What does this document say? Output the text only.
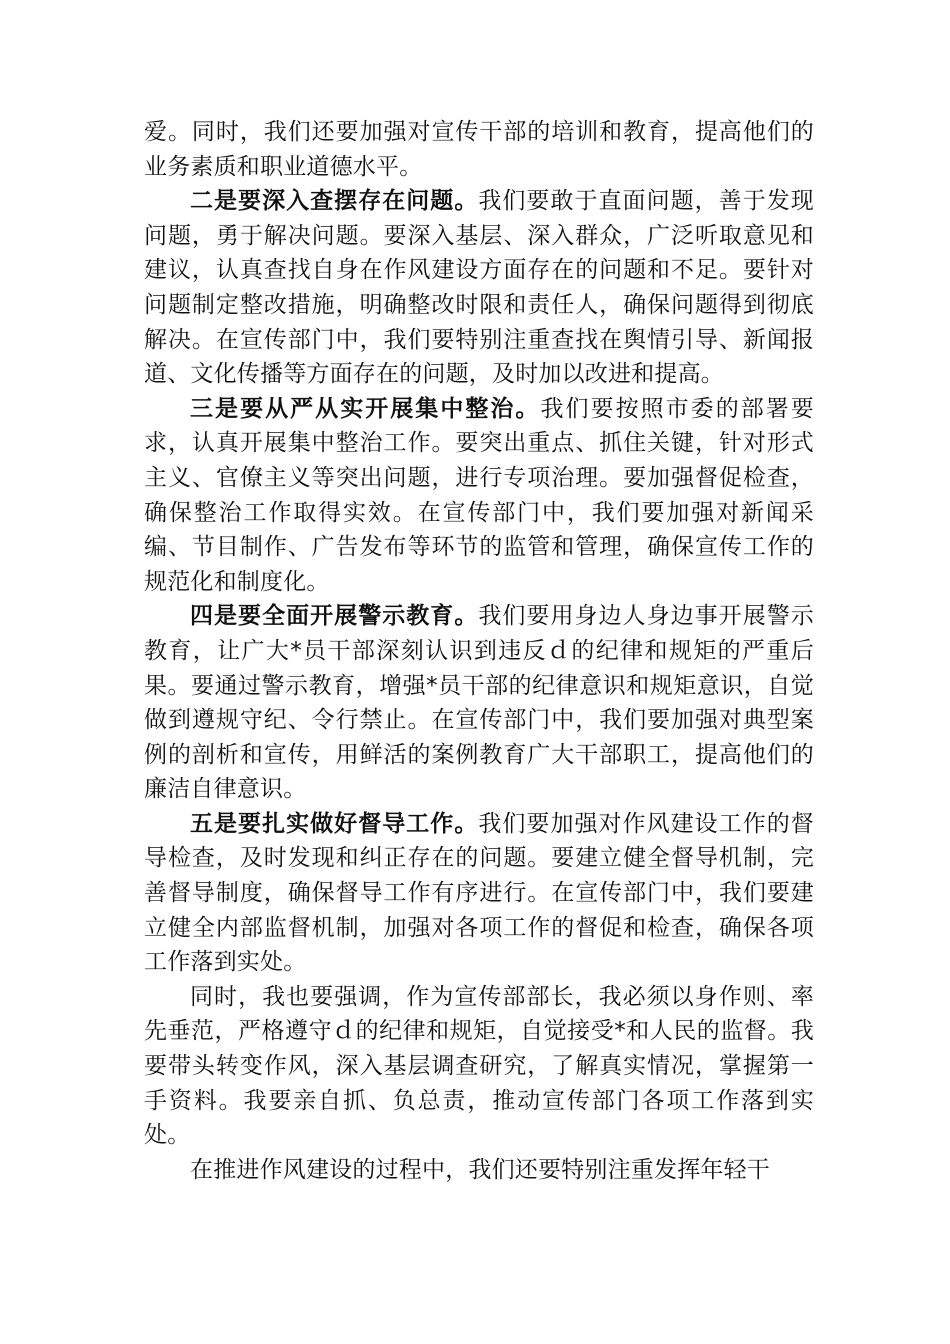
爱。同时，我们还要加强对宣传干部的培训和教育，提高他们的业务素质和职业道德水平。

二是要深入查摆存在问题。我们要敢于直面问题，善于发现问题，勇于解决问题。要深入基层、深入群众，广泛听取意见和建议，认真查找自身在作风建设方面存在的问题和不足。要针对问题制定整改措施，明确整改时限和责任人，确保问题得到彻底解决。在宣传部门中，我们要特别注重查找在舆情引导、新闻报道、文化传播等方面存在的问题，及时加以改进和提高。

三是要从严从实开展集中整治。我们要按照市委的部署要求，认真开展集中整治工作。要突出重点、抓住关键，针对形式主义、官僚主义等突出问题，进行专项治理。要加强督促检查，确保整治工作取得实效。在宣传部门中，我们要加强对新闻采编、节目制作、广告发布等环节的监管和管理，确保宣传工作的规范化和制度化。

四是要全面开展警示教育。我们要用身边人身边事开展警示教育，让广大*员干部深刻认识到违反ｄ的纪律和规矩的严重后果。要通过警示教育，增强*员干部的纪律意识和规矩意识，自觉做到遵规守纪、令行禁止。在宣传部门中，我们要加强对典型案例的剖析和宣传，用鲜活的案例教育广大干部职工，提高他们的廉洁自律意识。

五是要扎实做好督导工作。我们要加强对作风建设工作的督导检查，及时发现和纠正存在的问题。要建立健全督导机制，完善督导制度，确保督导工作有序进行。在宣传部门中，我们要建立健全内部监督机制，加强对各项工作的督促和检查，确保各项工作落到实处。

同时，我也要强调，作为宣传部部长，我必须以身作则、率先垂范，严格遵守ｄ的纪律和规矩，自觉接受*和人民的监督。我要带头转变作风，深入基层调查研究，了解真实情况，掌握第一手资料。我要亲自抓、负总责，推动宣传部门各项工作落到实处。

在推进作风建设的过程中，我们还要特别注重发挥年轻干
